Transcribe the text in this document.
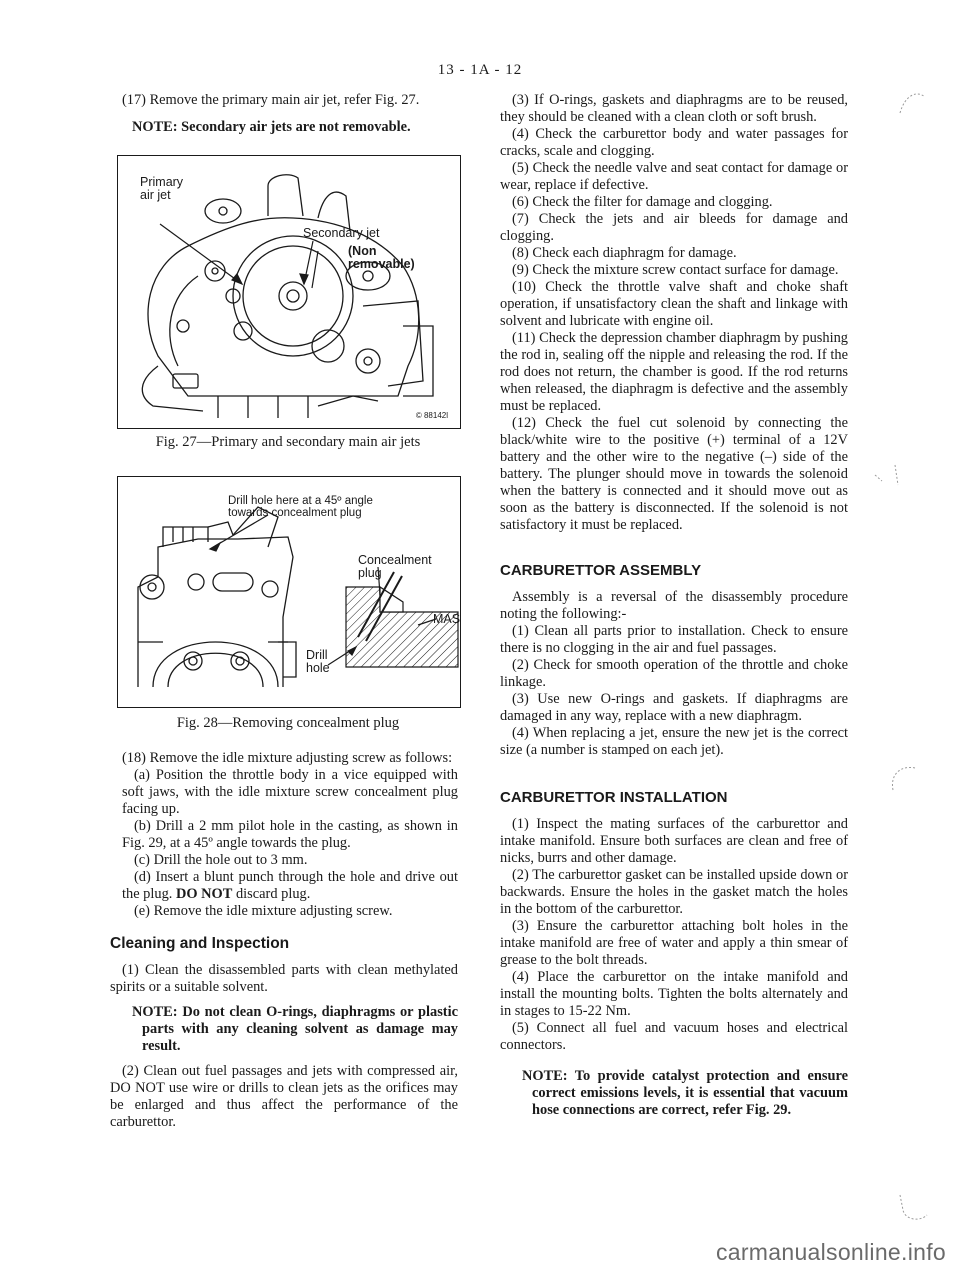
13 - 1A - 12

(17) Remove the primary main air jet, refer Fig. 27.

NOTE: Secondary air jets are not removable.

Primary
air jet
Secondary jet
(Non
removable)
© 88142l
Fig. 27—Primary and secondary main air jets
Drill hole here at a 45º angle
towards concealment plug
Concealment
plug
MAS
Drill
hole
Fig. 28—Removing concealment plug

(18) Remove the idle mixture adjusting screw as follows:

(a) Position the throttle body in a vice equipped with soft jaws, with the idle mixture screw concealment plug facing up.

(b) Drill a 2 mm pilot hole in the casting, as shown in Fig. 29, at a 45º angle towards the plug.

(c) Drill the hole out to 3 mm.

(d) Insert a blunt punch through the hole and drive out the plug. DO NOT discard plug.

(e) Remove the idle mixture adjusting screw.

Cleaning and Inspection

(1) Clean the disassembled parts with clean methylated spirits or a suitable solvent.

NOTE: Do not clean O-rings, diaphragms or plastic parts with any cleaning solvent as damage may result.

(2) Clean out fuel passages and jets with compressed air, DO NOT use wire or drills to clean jets as the orifices may be enlarged and thus affect the performance of the carburettor.

(3) If O-rings, gaskets and diaphragms are to be reused, they should be cleaned with a clean cloth or soft brush.

(4) Check the carburettor body and water passages for cracks, scale and clogging.

(5) Check the needle valve and seat contact for damage or wear, replace if defective.

(6) Check the filter for damage and clogging.

(7) Check the jets and air bleeds for damage and clogging.

(8) Check each diaphragm for damage.

(9) Check the mixture screw contact surface for damage.

(10) Check the throttle valve shaft and choke shaft operation, if unsatisfactory clean the shaft and linkage with solvent and lubricate with engine oil.

(11) Check the depression chamber diaphragm by pushing the rod in, sealing off the nipple and releasing the rod. If the rod does not return, the chamber is good. If the rod returns when released, the diaphragm is defective and the assembly must be replaced.

(12) Check the fuel cut solenoid by connecting the black/white wire to the positive (+) terminal of a 12V battery and the other wire to the negative (–) side of the battery. The plunger should move in towards the solenoid when the battery is connected and it should move out as soon as the battery is disconnected. If the solenoid is not satisfactory it must be replaced.

CARBURETTOR ASSEMBLY

Assembly is a reversal of the disassembly procedure noting the following:-

(1) Clean all parts prior to installation. Check to ensure there is no clogging in the air and fuel passages.

(2) Check for smooth operation of the throttle and choke linkage.

(3) Use new O-rings and gaskets. If diaphragms are damaged in any way, replace with a new diaphragm.

(4) When replacing a jet, ensure the new jet is the correct size (a number is stamped on each jet).

CARBURETTOR INSTALLATION

(1) Inspect the mating surfaces of the carburettor and intake manifold. Ensure both surfaces are clean and free of nicks, burrs and other damage.

(2) The carburettor gasket can be installed upside down or backwards. Ensure the holes in the gasket match the holes in the bottom of the carburettor.

(3) Ensure the carburettor attaching bolt holes in the intake manifold are free of water and apply a thin smear of grease to the bolt threads.

(4) Place the carburettor on the intake manifold and install the mounting bolts. Tighten the bolts alternately and in stages to 15-22 Nm.

(5) Connect all fuel and vacuum hoses and electrical connectors.

NOTE: To provide catalyst protection and ensure correct emissions levels, it is essential that vacuum hose connections are correct, refer Fig. 29.

carmanualsonline.info
